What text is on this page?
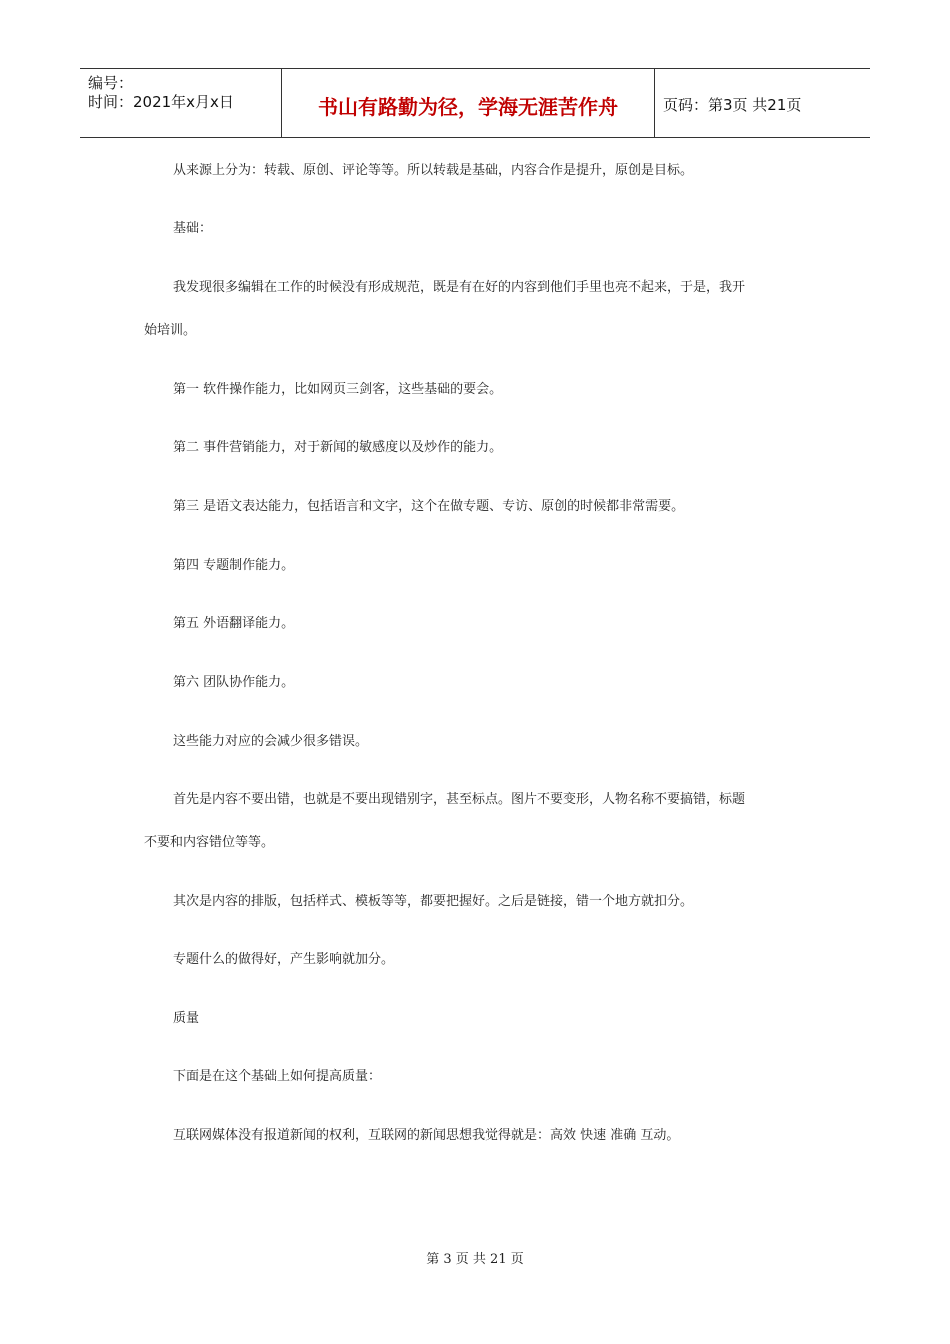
编号：
时间：2021年x月x日	书山有路勤为径，学海无涯苦作舟	页码：第3页 共21页
从来源上分为：转载、原创、评论等等。所以转载是基础，内容合作是提升，原创是目标。
基础：
我发现很多编辑在工作的时候没有形成规范，既是有在好的内容到他们手里也亮不起来，于是，我开
始培训。
第一 软件操作能力，比如网页三剑客，这些基础的要会。
第二 事件营销能力，对于新闻的敏感度以及炒作的能力。
第三 是语文表达能力，包括语言和文字，这个在做专题、专访、原创的时候都非常需要。
第四 专题制作能力。
第五 外语翻译能力。
第六 团队协作能力。
这些能力对应的会减少很多错误。
首先是内容不要出错，也就是不要出现错别字，甚至标点。图片不要变形，人物名称不要搞错，标题
不要和内容错位等等。
其次是内容的排版，包括样式、模板等等，都要把握好。之后是链接，错一个地方就扣分。
专题什么的做得好，产生影响就加分。
质量
下面是在这个基础上如何提高质量：
互联网媒体没有报道新闻的权利，互联网的新闻思想我觉得就是：高效 快速 准确 互动。
第 3 页 共 21 页
